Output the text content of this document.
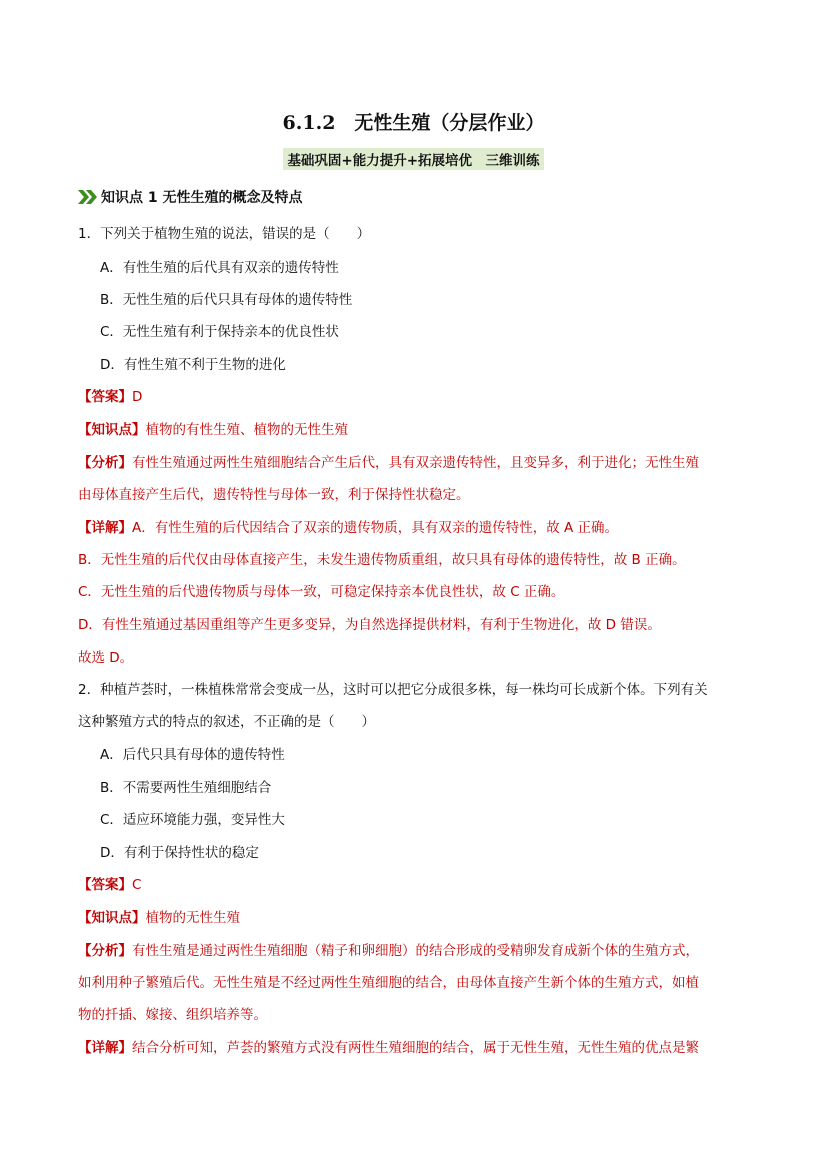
6.1.2　无性生殖（分层作业）
基础巩固+能力提升+拓展培优　三维训练
知识点 1 无性生殖的概念及特点
1．下列关于植物生殖的说法，错误的是（　　）
A．有性生殖的后代具有双亲的遗传特性
B．无性生殖的后代只具有母体的遗传特性
C．无性生殖有利于保持亲本的优良性状
D．有性生殖不利于生物的进化
【答案】D
【知识点】植物的有性生殖、植物的无性生殖
【分析】有性生殖通过两性生殖细胞结合产生后代，具有双亲遗传特性，且变异多，利于进化；无性生殖
由母体直接产生后代，遗传特性与母体一致，利于保持性状稳定。
【详解】A．有性生殖的后代因结合了双亲的遗传物质，具有双亲的遗传特性，故 A 正确。
B．无性生殖的后代仅由母体直接产生，未发生遗传物质重组，故只具有母体的遗传特性，故 B 正确。
C．无性生殖的后代遗传物质与母体一致，可稳定保持亲本优良性状，故 C 正确。
D．有性生殖通过基因重组等产生更多变异，为自然选择提供材料，有利于生物进化，故 D 错误。
故选 D。
2．种植芦荟时，一株植株常常会变成一丛，这时可以把它分成很多株，每一株均可长成新个体。下列有关
这种繁殖方式的特点的叙述，不正确的是（　　）
A．后代只具有母体的遗传特性
B．不需要两性生殖细胞结合
C．适应环境能力强，变异性大
D．有利于保持性状的稳定
【答案】C
【知识点】植物的无性生殖
【分析】有性生殖是通过两性生殖细胞（精子和卵细胞）的结合形成的受精卵发育成新个体的生殖方式，
如利用种子繁殖后代。无性生殖是不经过两性生殖细胞的结合，由母体直接产生新个体的生殖方式，如植
物的扦插、嫁接、组织培养等。
【详解】结合分析可知，芦荟的繁殖方式没有两性生殖细胞的结合，属于无性生殖，无性生殖的优点是繁
